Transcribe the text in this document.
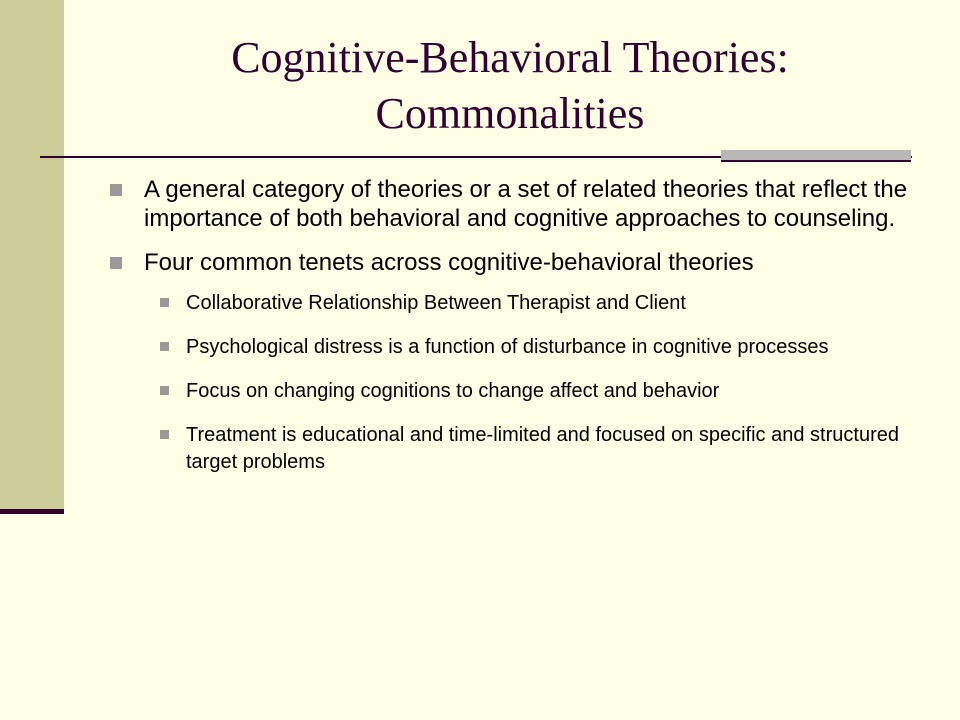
Cognitive-Behavioral Theories:
Commonalities
A general category of theories or a set of related theories that reflect the importance of both behavioral and cognitive approaches to counseling.
Four common tenets across cognitive-behavioral theories
Collaborative Relationship Between Therapist and Client
Psychological distress is a function of disturbance in cognitive processes
Focus on changing cognitions to change affect and behavior
Treatment is educational and time-limited and focused on specific and structured target problems
